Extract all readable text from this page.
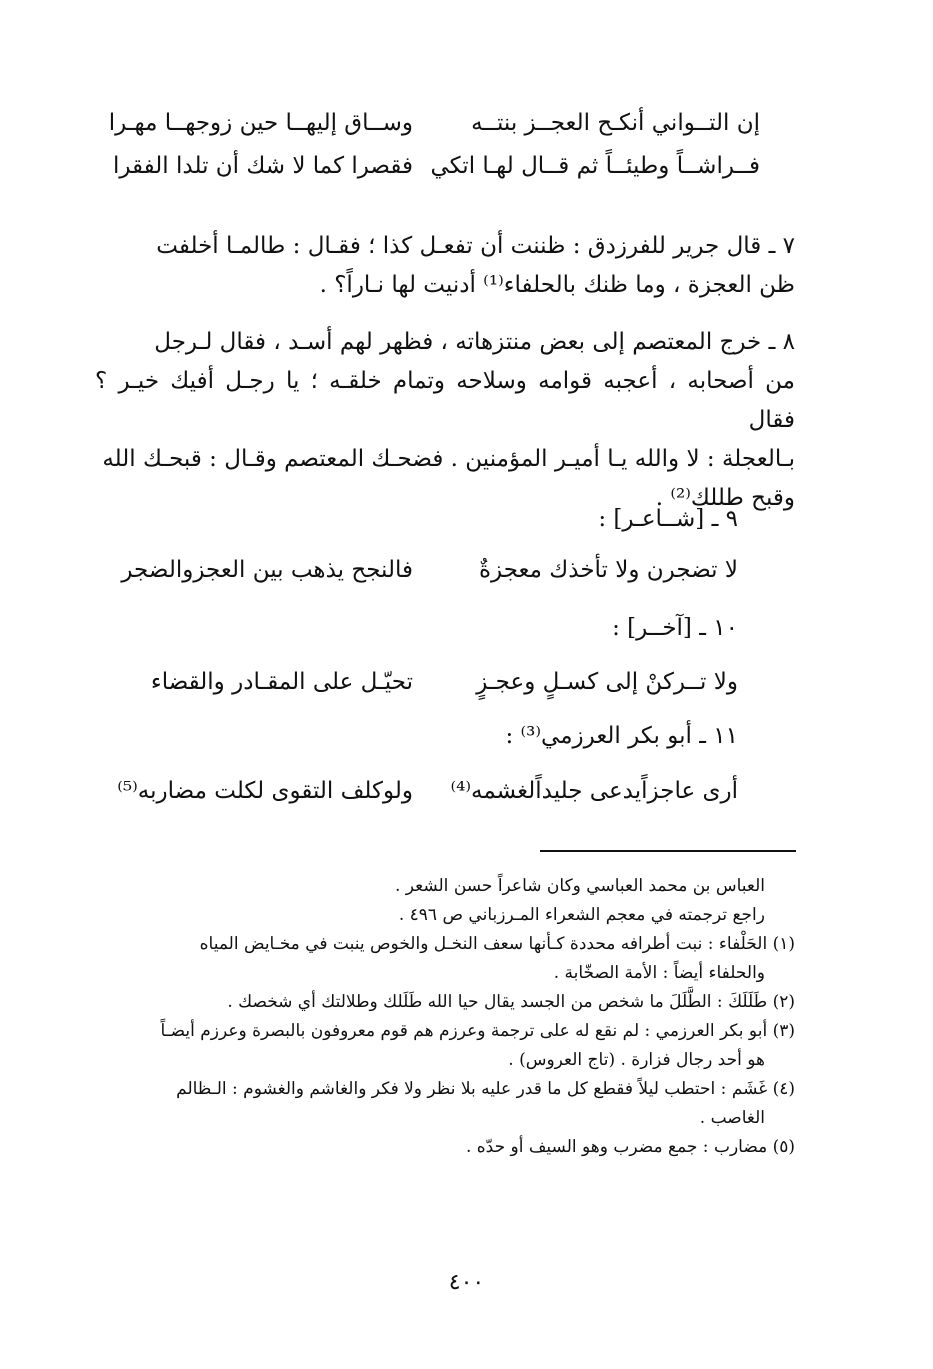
إن التــواني أنكـح العجــز بنتــه
وســاق إليهــا حين زوجهــا مهـرا
فــراشــاً وطيئــاً ثم قــال لهـا اتكي
فقصرا كما لا شك أن تلدا الفقرا
٧ ـ قال جرير للفرزدق : ظننت أن تفعـل كذا ؛ فقـال : طالمـا أخلفت
ظن العجزة ، وما ظنك بالحلفاء⁽¹⁾ أدنيت لها نـاراً؟ .
٨ ـ خرج المعتصم إلى بعض منتزهاته ، فظهر لهم أسـد ، فقال لـرجل
من أصحابه ، أعجبه قوامه وسلاحه وتمام خلقـه ؛ يا رجـل أفيك خيـر ؟ فقال
بـالعجلة : لا والله يـا أميـر المؤمنين . فضحـك المعتصم وقـال : قبحـك الله
وقبح طللك⁽²⁾ .
٩ ـ [شــاعـر] :
لا تضجرن ولا تأخذك معجزةٌ
فالنجح يذهب بين العجزوالضجر
١٠ ـ [آخــر] :
ولا تــركنْ إلى كسـلٍ وعجـزٍ
تحيّـل على المقـادر والقضاء
١١ ـ أبو بكر العرزمي⁽³⁾ :
أرى عاجزاًيدعى جليداًلغشمه⁽⁴⁾
ولوكلف التقوى لكلت مضاربه⁽⁵⁾
العباس بن محمد العباسي وكان شاعراً حسن الشعر .
راجع ترجمته في معجم الشعراء المـرزباني ص ٤٩٦ .
(١) الحَلْفاء : نبت أطرافه محددة كـأنها سعف النخـل والخوص ينبت في مخـايض المياه
والحلفاء أيضاً : الأمة الصخّابة .
(٢) طَلَلَكَ : الطَّلَلَ ما شخص من الجسد يقال حيا الله طَلَلك وطلالتك أي شخصك .
(٣) أبو بكر العرزمي : لم نقع له على ترجمة وعرزم هم قوم معروفون بالبصرة وعرزم أيضـاً
هو أحد رجال فزارة . (تاج العروس) .
(٤) غَشَم : احتطب ليلاً فقطع كل ما قدر عليه بلا نظر ولا فكر والغاشم والغشوم : الـظالم
الغاصب .
(٥) مضارب : جمع مضرب وهو السيف أو حدّه .
٤٠٠
